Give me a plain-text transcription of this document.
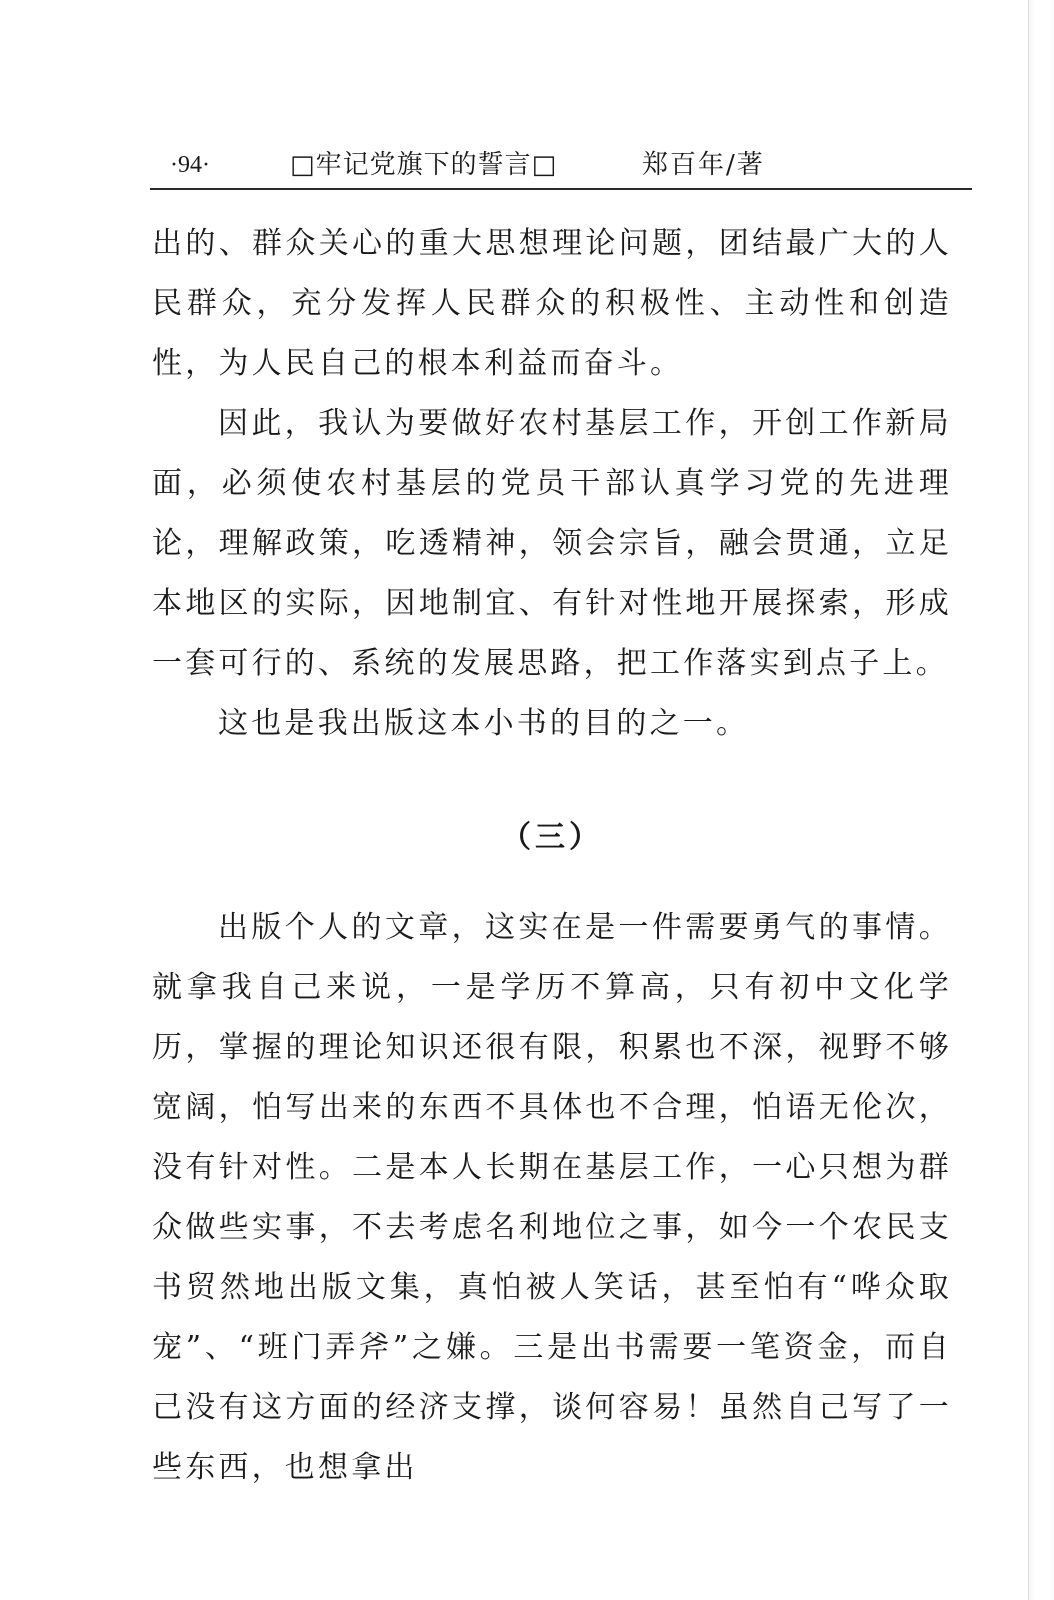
·94·	□牢记党旗下的誓言□	郑百年/著

出的、群众关心的重大思想理论问题，团结最广大的人民群众，充分发挥人民群众的积极性、主动性和创造性，为人民自己的根本利益而奋斗。

因此，我认为要做好农村基层工作，开创工作新局面，必须使农村基层的党员干部认真学习党的先进理论，理解政策，吃透精神，领会宗旨，融会贯通，立足本地区的实际，因地制宜、有针对性地开展探索，形成一套可行的、系统的发展思路，把工作落实到点子上。

这也是我出版这本小书的目的之一。

（三）

出版个人的文章，这实在是一件需要勇气的事情。就拿我自己来说，一是学历不算高，只有初中文化学历，掌握的理论知识还很有限，积累也不深，视野不够宽阔，怕写出来的东西不具体也不合理，怕语无伦次，没有针对性。二是本人长期在基层工作，一心只想为群众做些实事，不去考虑名利地位之事，如今一个农民支书贸然地出版文集，真怕被人笑话，甚至怕有“哗众取宠”、“班门弄斧”之嫌。三是出书需要一笔资金，而自己没有这方面的经济支撑，谈何容易！虽然自己写了一些东西，也想拿出
